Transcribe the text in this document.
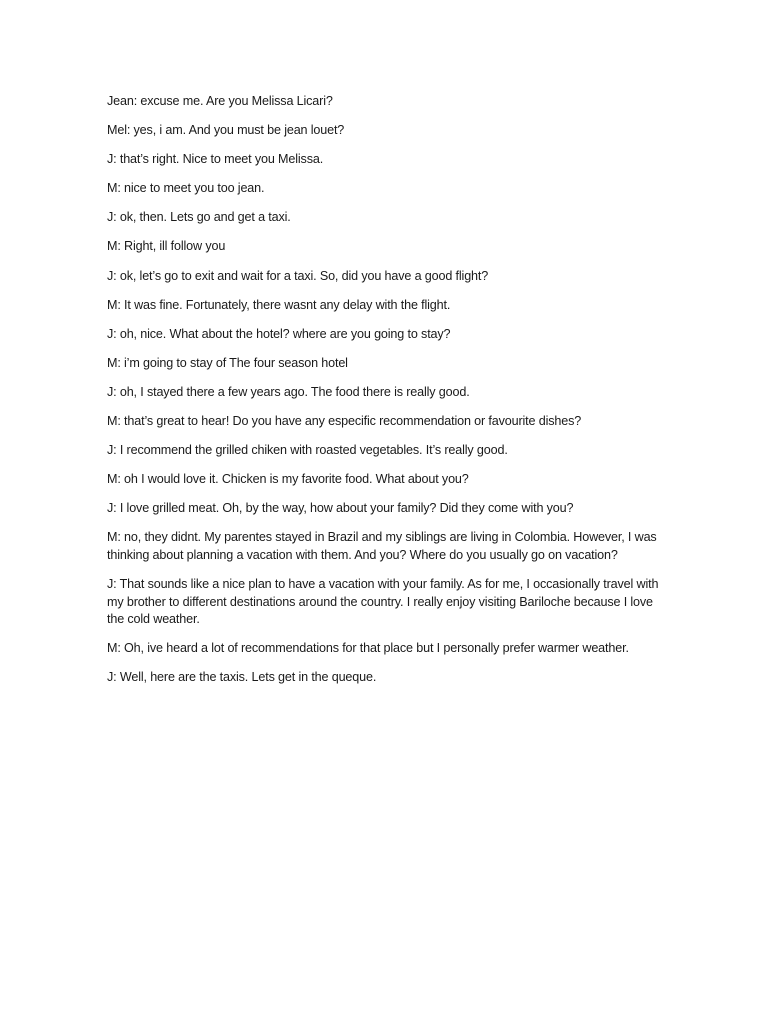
Jean: excuse me. Are you Melissa Licari?

Mel: yes, i am. And you must be jean louet?

J: that’s right. Nice to meet you Melissa.

M: nice to meet you too jean.

J: ok, then. Lets go and get a taxi.

M: Right, ill follow you

J: ok, let’s go to exit and wait for a taxi. So, did you have a good flight?

M: It was fine. Fortunately, there wasnt any delay with the flight.

J: oh, nice. What about the hotel? where are you going to stay?

M: i’m going to stay of The four season hotel

J: oh, I stayed there a few years ago. The food there is really good.

M: that’s great to hear! Do you have any especific recommendation or favourite dishes?

J: I recommend the grilled chiken with roasted vegetables. It’s really good.

M: oh I would love it. Chicken is my favorite food. What about you?

J: I love grilled meat. Oh, by the way, how about your family? Did they come with you?

M: no, they didnt. My parentes stayed in Brazil and my siblings are living in Colombia. However, I was thinking about planning a vacation with them. And you? Where do you usually go on vacation?

J: That sounds like a nice plan to have a vacation with your family. As for me, I occasionally travel with my brother to different destinations around the country. I really enjoy visiting Bariloche because I love the cold weather.

M: Oh, ive heard a lot of recommendations for that place but I personally prefer warmer weather.

J: Well, here are the taxis. Lets get in the queque.
